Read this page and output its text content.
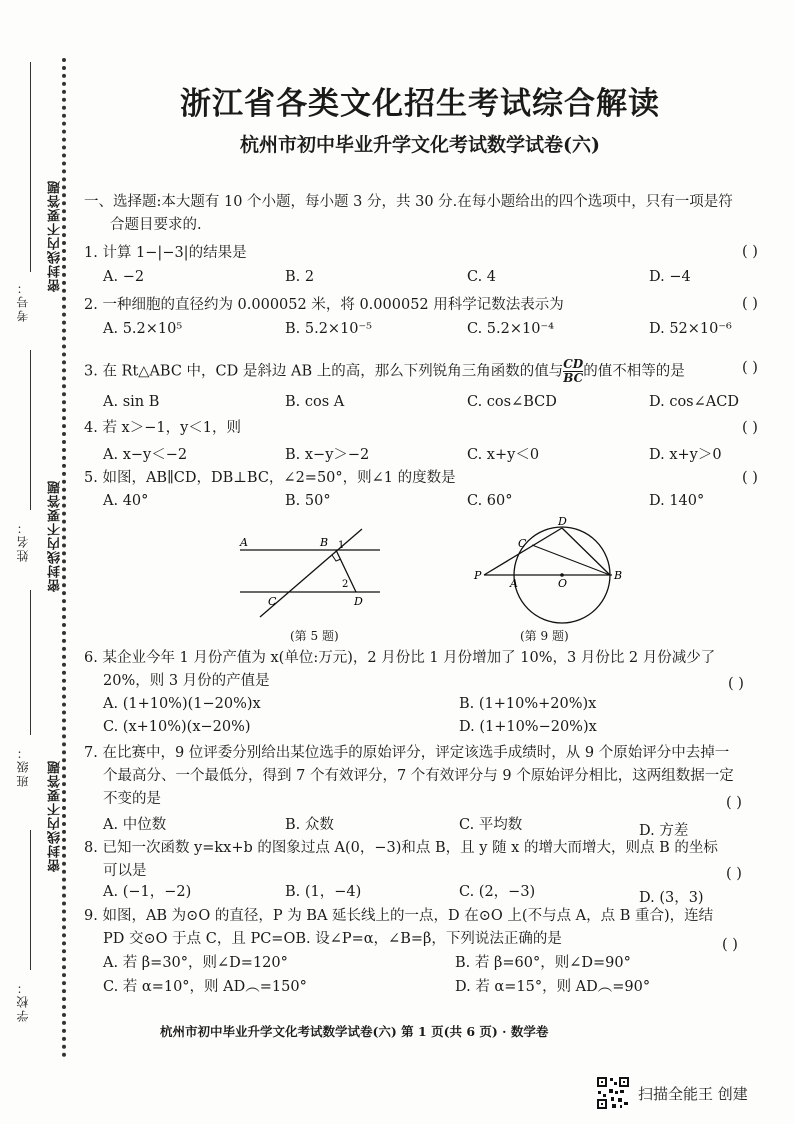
考号：
密封线内不要答题
姓名：	密封线内不要答题
班级：	密封线内不要答题
学校：
浙江省各类文化招生考试综合解读
杭州市初中毕业升学文化考试数学试卷(六)
一、选择题:本大题有 10 个小题，每小题 3 分，共 30 分.在每小题给出的四个选项中，只有一项是符
合题目要求的.
1. 计算 1−|−3|的结果是	( )
A. −2	B. 2	C. 4	D. −4
2. 一种细胞的直径约为 0.000052 米，将 0.000052 用科学记数法表示为	( )
A. 5.2×10⁵	B. 5.2×10⁻⁵	C. 5.2×10⁻⁴	D. 52×10⁻⁶
3. 在 Rt△ABC 中，CD 是斜边 AB 上的高，那么下列锐角三角函数的值与 $\frac{CD}{BC}$ 的值不相等的是	( )
A. sin B	B. cos A	C. cos∠BCD	D. cos∠ACD
4. 若 x＞−1，y＜1，则	( )
A. x−y＜−2	B. x−y＞−2	C. x+y＜0	D. x+y＞0
5. 如图，AB∥CD，DB⊥BC，∠2=50°，则∠1 的度数是	( )
A. 40°	B. 50°	C. 60°	D. 140°
A	B 1
2
C	D
(第 5 题)
P
A	O
B
C
D
(第 9 题)
6. 某企业今年 1 月份产值为 x(单位:万元)，2 月份比 1 月份增加了 10%，3 月份比 2 月份减少了
20%，则 3 月份的产值是	( )
A. (1+10%)(1−20%)x	B. (1+10%+20%)x
C. (x+10%)(x−20%)	D. (1+10%−20%)x
7. 在比赛中，9 位评委分别给出某位选手的原始评分，评定该选手成绩时，从 9 个原始评分中去掉一
个最高分、一个最低分，得到 7 个有效评分，7 个有效评分与 9 个原始评分相比，这两组数据一定
不变的是	( )
A. 中位数	B. 众数	C. 平均数	D. 方差
8. 已知一次函数 y=kx+b 的图象过点 A(0，−3)和点 B，且 y 随 x 的增大而增大，则点 B 的坐标
可以是	( )
A. (−1，−2)	B. (1，−4)	C. (2，−3)	D. (3，3)
9. 如图，AB 为⊙O 的直径，P 为 BA 延长线上的一点，D 在⊙O 上(不与点 A，点 B 重合)，连结
PD 交⊙O 于点 C，且 PC=OB. 设∠P=α，∠B=β，下列说法正确的是	( )
A. 若 β=30°，则∠D=120°	B. 若 β=60°，则∠D=90°
C. 若 α=10°，则 AD︵=150°	D. 若 α=15°，则 AD︵=90°
杭州市初中毕业升学文化考试数学试卷(六) 第 1 页(共 6 页) · 数学卷
扫描全能王 创建
